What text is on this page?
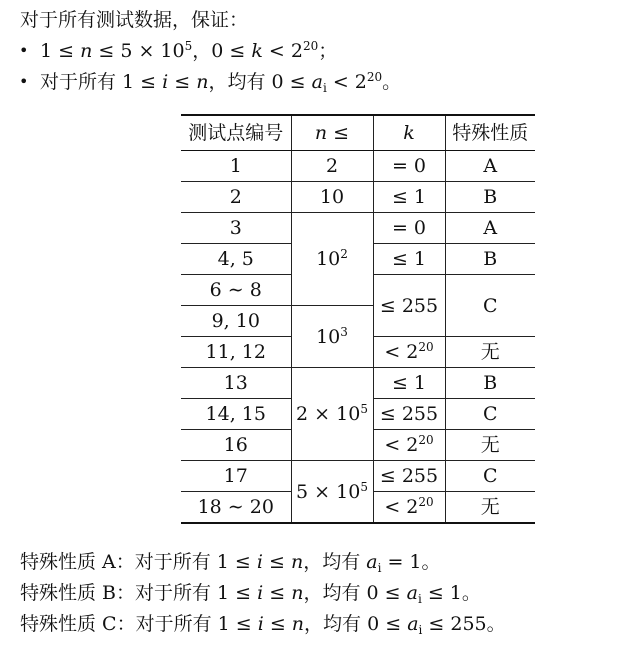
对于所有测试数据，保证：
• $1 \le n \le 5 \times 10^5$，$0 \le k < 2^{20}$；
• 对于所有 1 ≤ i ≤ n，均有 $0 \le a_i < 2^{20}$。
测试点编号	n ≤	k	特殊性质
1	2	= 0	A
2	10	≤ 1	B
3	$10^2$	= 0	A
4, 5		≤ 1	B
6 ∼ 8		≤ 255	C
9, 10	$10^3$
11, 12		< $2^{20}$	无
13	$2 \times 10^5$	≤ 1	B
14, 15		≤ 255	C
16		< $2^{20}$	无
17	$5 \times 10^5$	≤ 255	C
18 ∼ 20		< $2^{20}$	无
特殊性质 A：对于所有 1 ≤ i ≤ n，均有 $a_i = 1$。
特殊性质 B：对于所有 1 ≤ i ≤ n，均有 $0 \le a_i \le 1$。
特殊性质 C：对于所有 1 ≤ i ≤ n，均有 $0 \le a_i \le 255$。
